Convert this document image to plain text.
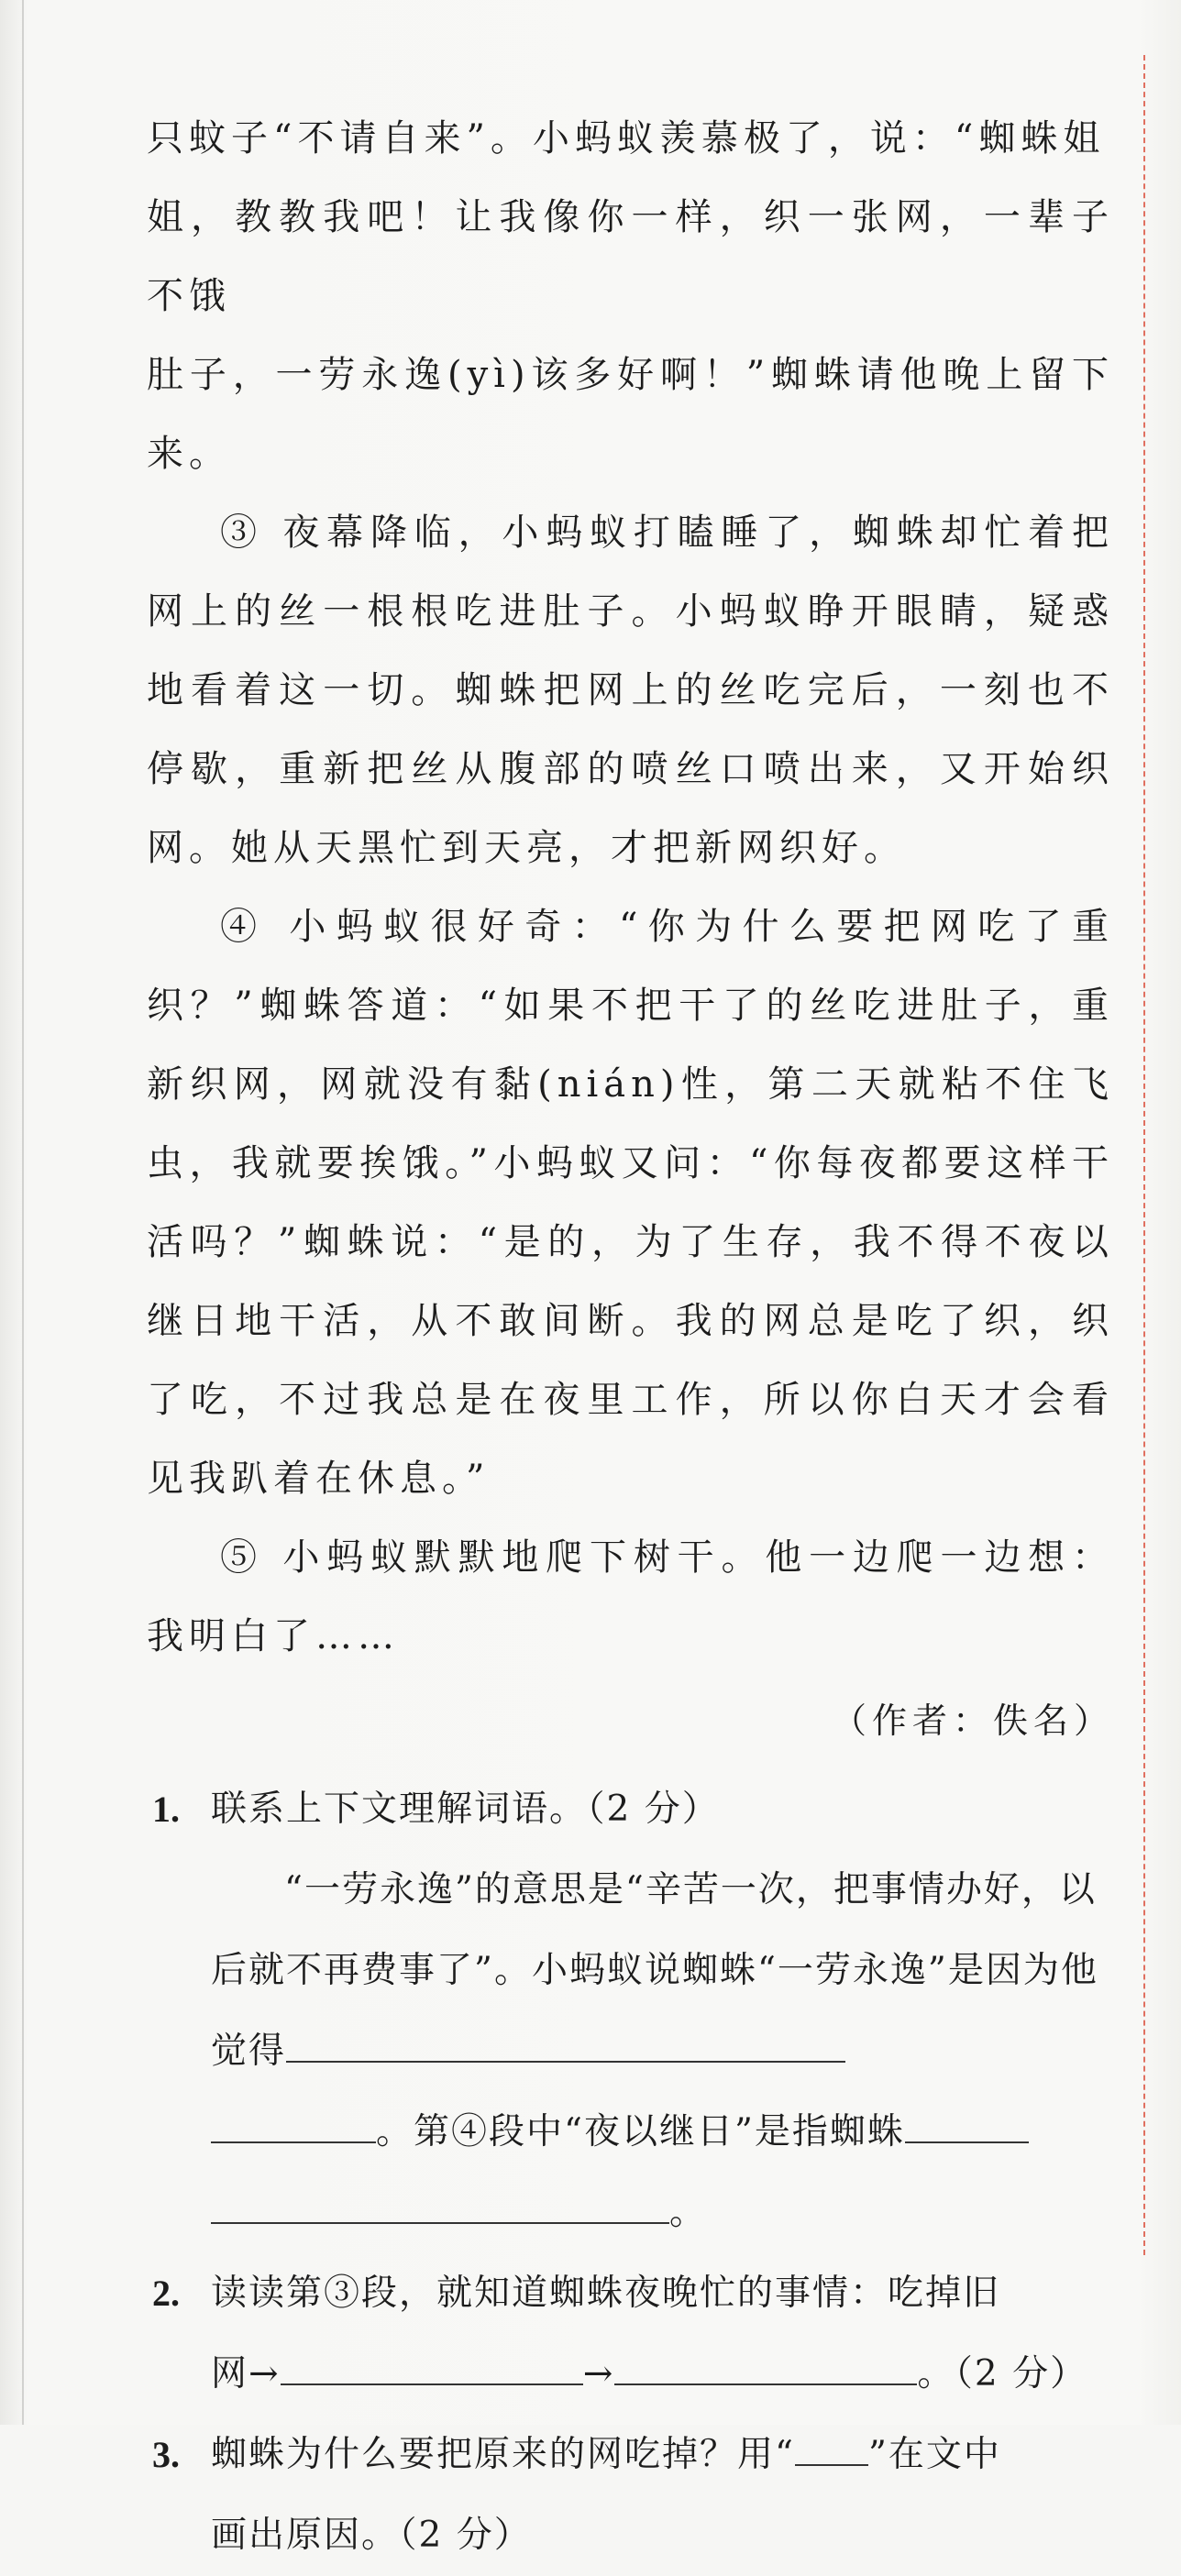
只蚊子“不请自来”。小蚂蚁羡慕极了，说：“蜘蛛姐

姐，教教我吧！让我像你一样，织一张网，一辈子不饿

肚子，一劳永逸(yì)该多好啊！”蜘蛛请他晚上留下来。

③ 夜幕降临，小蚂蚁打瞌睡了，蜘蛛却忙着把网上的丝一根根吃进肚子。小蚂蚁睁开眼睛，疑惑地看着这一切。蜘蛛把网上的丝吃完后，一刻也不停歇，重新把丝从腹部的喷丝口喷出来，又开始织网。她从天黑忙到天亮，才把新网织好。

④ 小蚂蚁很好奇：“你为什么要把网吃了重织？”蜘蛛答道：“如果不把干了的丝吃进肚子，重新织网，网就没有黏(nián)性，第二天就粘不住飞虫，我就要挨饿。”小蚂蚁又问：“你每夜都要这样干活吗？”蜘蛛说：“是的，为了生存，我不得不夜以继日地干活，从不敢间断。我的网总是吃了织，织了吃，不过我总是在夜里工作，所以你白天才会看见我趴着在休息。”

⑤ 小蚂蚁默默地爬下树干。他一边爬一边想：我明白了……

（作者：佚名）

1. 联系上下文理解词语。（2 分）

“一劳永逸”的意思是“辛苦一次，把事情办好，以后就不再费事了”。小蚂蚁说蜘蛛“一劳永逸”是因为他觉得

。第④段中“夜以继日”是指蜘蛛

。

2. 读读第③段，就知道蜘蛛夜晚忙的事情：吃掉旧

网→	→	。（2 分）

3. 蜘蛛为什么要把原来的网吃掉？用“ ”在文中

画出原因。（2 分）
